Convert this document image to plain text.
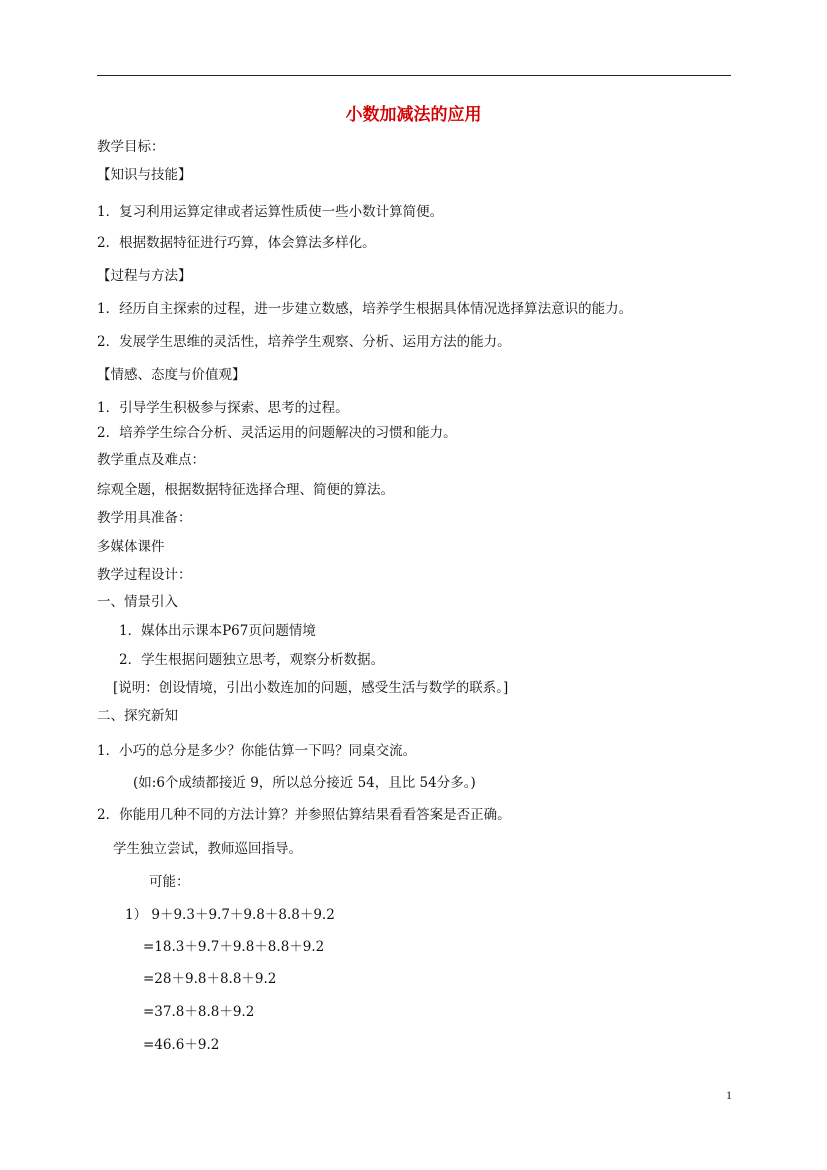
小数加减法的应用
教学目标：
【知识与技能】
1．复习利用运算定律或者运算性质使一些小数计算简便。
2．根据数据特征进行巧算，体会算法多样化。
【过程与方法】
1．经历自主探索的过程，进一步建立数感，培养学生根据具体情况选择算法意识的能力。
2．发展学生思维的灵活性，培养学生观察、分析、运用方法的能力。
【情感、态度与价值观】
1．引导学生积极参与探索、思考的过程。
2．培养学生综合分析、灵活运用的问题解决的习惯和能力。
教学重点及难点：
综观全题，根据数据特征选择合理、简便的算法。
教学用具准备：
多媒体课件
教学过程设计：
一、情景引入
1．媒体出示课本P67页问题情境
2．学生根据问题独立思考，观察分析数据。
[说明：创设情境，引出小数连加的问题，感受生活与数学的联系。]
二、探究新知
1．小巧的总分是多少？你能估算一下吗？同桌交流。
(如:6个成绩都接近 9，所以总分接近 54，且比 54分多。)
2．你能用几种不同的方法计算？并参照估算结果看看答案是否正确。
学生独立尝试，教师巡回指导。
可能：
1） 9＋9.3＋9.7＋9.8＋8.8＋9.2
=18.3＋9.7＋9.8＋8.8＋9.2
=28＋9.8＋8.8＋9.2
=37.8＋8.8＋9.2
=46.6＋9.2
1
